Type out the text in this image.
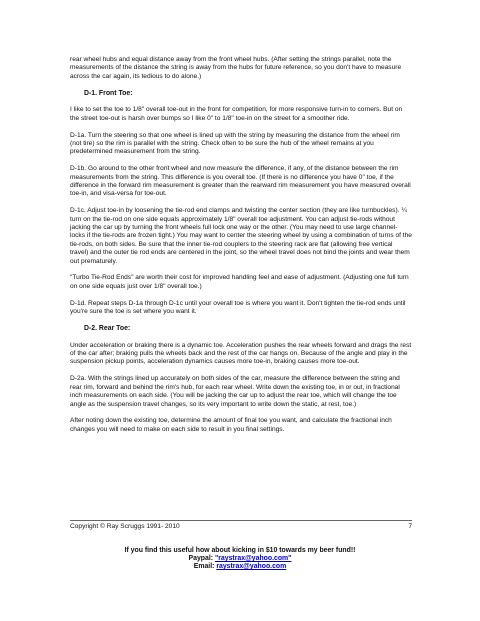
rear wheel hubs and equal distance away from the front wheel hubs. (After setting the strings parallel, note the measurements of the distance the string is away from the hubs for future reference, so you don't have to measure across the car again, its tedious to do alone.)

D-1. Front Toe:

I like to set the toe to 1/8" overall toe-out in the front for competition, for more responsive turn-in to corners. But on the street toe-out is harsh over bumps so I like 0" to 1/8" toe-in on the street for a smoother ride.

D-1a. Turn the steering so that one wheel is lined up with the string by measuring the distance from the wheel rim (not tire) so the rim is parallel with the string. Check often to be sure the hub of the wheel remains at you predetermined measurement from the string.

D-1b. Go around to the other front wheel and now measure the difference, if any, of the distance between the rim measurements from the string. This difference is you overall toe. (If there is no difference you have 0" toe, if the difference in the forward rim measurement is greater than the rearward rim measurement you have measured overall toe-in, and visa-versa for toe-out.

D-1c. Adjust toe-in by loosening the tie-rod end clamps and twisting the center section (they are like turnbuckles). ¼ turn on the tie-rod on one side equals approximately 1/8" overall toe adjustment. You can adjust tie-rods without jacking the car up by turning the front wheels full lock one way or the other. (You may need to use large channel-locks if the tie-rods are frozen tight.) You may want to center the steering wheel by using a combination of turns of the tie-rods, on both sides. Be sure that the inner tie-rod couplers to the steering rack are flat (allowing free vertical travel) and the outer tie rod ends are centered in the joint, so the wheel travel does not bind the joints and wear them out prematurely.

"Turbo Tie-Rod Ends" are worth their cost for improved handling feel and ease of adjustment. (Adjusting one full turn on one side equals just over 1/8" overall toe.)

D-1d. Repeat steps D-1a through D-1c until your overall toe is where you want it. Don't tighten the tie-rod ends until you're sure the toe is set where you want it.

D-2. Rear Toe:

Under acceleration or braking there is a dynamic toe. Acceleration pushes the rear wheels forward and drags the rest of the car after; braking pulls the wheels back and the rest of the car hangs on. Because of the angle and play in the suspension pickup points, acceleration dynamics causes more toe-in, braking causes more toe-out.

D-2a. With the strings lined up accurately on both sides of the car, measure the difference between the string and rear rim, forward and behind the rim's hub, for each rear wheel. Write down the existing toe, in or out, in fractional inch measurements on each side. (You will be jacking the car up to adjust the rear toe, which will change the toe angle as the suspension travel changes, so its very important to write down the static, at rest, toe.)

After noting down the existing toe, determine the amount of final toe you want, and calculate the fractional inch changes you will need to make on each side to result in you final settings.

Copyright © Ray Scruggs 1991- 2010	7
If you find this useful how about kicking in $10 towards my beer fund!!
Paypal: "raystrax@yahoo.com"
Email: raystrax@yahoo.com
